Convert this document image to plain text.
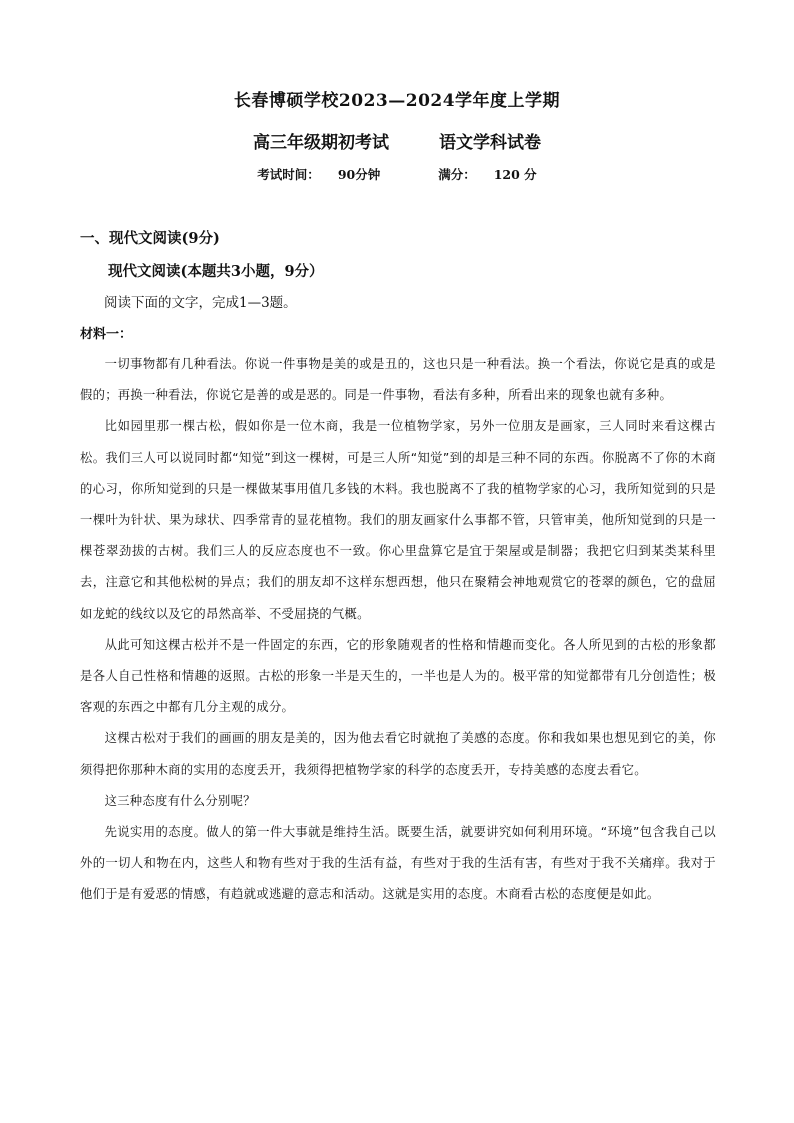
长春博硕学校2023—2024学年度上学期
高三年级期初考试	语文学科试卷
考试时间： 90分钟	满分： 120 分
一、现代文阅读(9分)
现代文阅读(本题共3小题，9分）
阅读下面的文字，完成1—3题。
材料一：

一切事物都有几种看法。你说一件事物是美的或是丑的，这也只是一种看法。换一个看法，你说它是真的或是假的；再换一种看法，你说它是善的或是恶的。同是一件事物，看法有多种，所看出来的现象也就有多种。

比如园里那一棵古松，假如你是一位木商，我是一位植物学家，另外一位朋友是画家，三人同时来看这棵古松。我们三人可以说同时都“知觉”到这一棵树，可是三人所“知觉”到的却是三种不同的东西。你脱离不了你的木商的心习，你所知觉到的只是一棵做某事用值几多钱的木料。我也脱离不了我的植物学家的心习，我所知觉到的只是一棵叶为针状、果为球状、四季常青的显花植物。我们的朋友画家什么事都不管，只管审美，他所知觉到的只是一棵苍翠劲拔的古树。我们三人的反应态度也不一致。你心里盘算它是宜于架屋或是制器；我把它归到某类某科里去，注意它和其他松树的异点；我们的朋友却不这样东想西想，他只在聚精会神地观赏它的苍翠的颜色，它的盘屈如龙蛇的线纹以及它的昂然高举、不受屈挠的气概。

从此可知这棵古松并不是一件固定的东西，它的形象随观者的性格和情趣而变化。各人所见到的古松的形象都是各人自己性格和情趣的返照。古松的形象一半是天生的，一半也是人为的。极平常的知觉都带有几分创造性；极客观的东西之中都有几分主观的成分。

这棵古松对于我们的画画的朋友是美的，因为他去看它时就抱了美感的态度。你和我如果也想见到它的美，你须得把你那种木商的实用的态度丢开，我须得把植物学家的科学的态度丢开，专持美感的态度去看它。

这三种态度有什么分别呢？

先说实用的态度。做人的第一件大事就是维持生活。既要生活，就要讲究如何利用环境。“环境”包含我自己以外的一切人和物在内，这些人和物有些对于我的生活有益，有些对于我的生活有害，有些对于我不关痛痒。我对于他们于是有爱恶的情感，有趋就或逃避的意志和活动。这就是实用的态度。木商看古松的态度便是如此。
